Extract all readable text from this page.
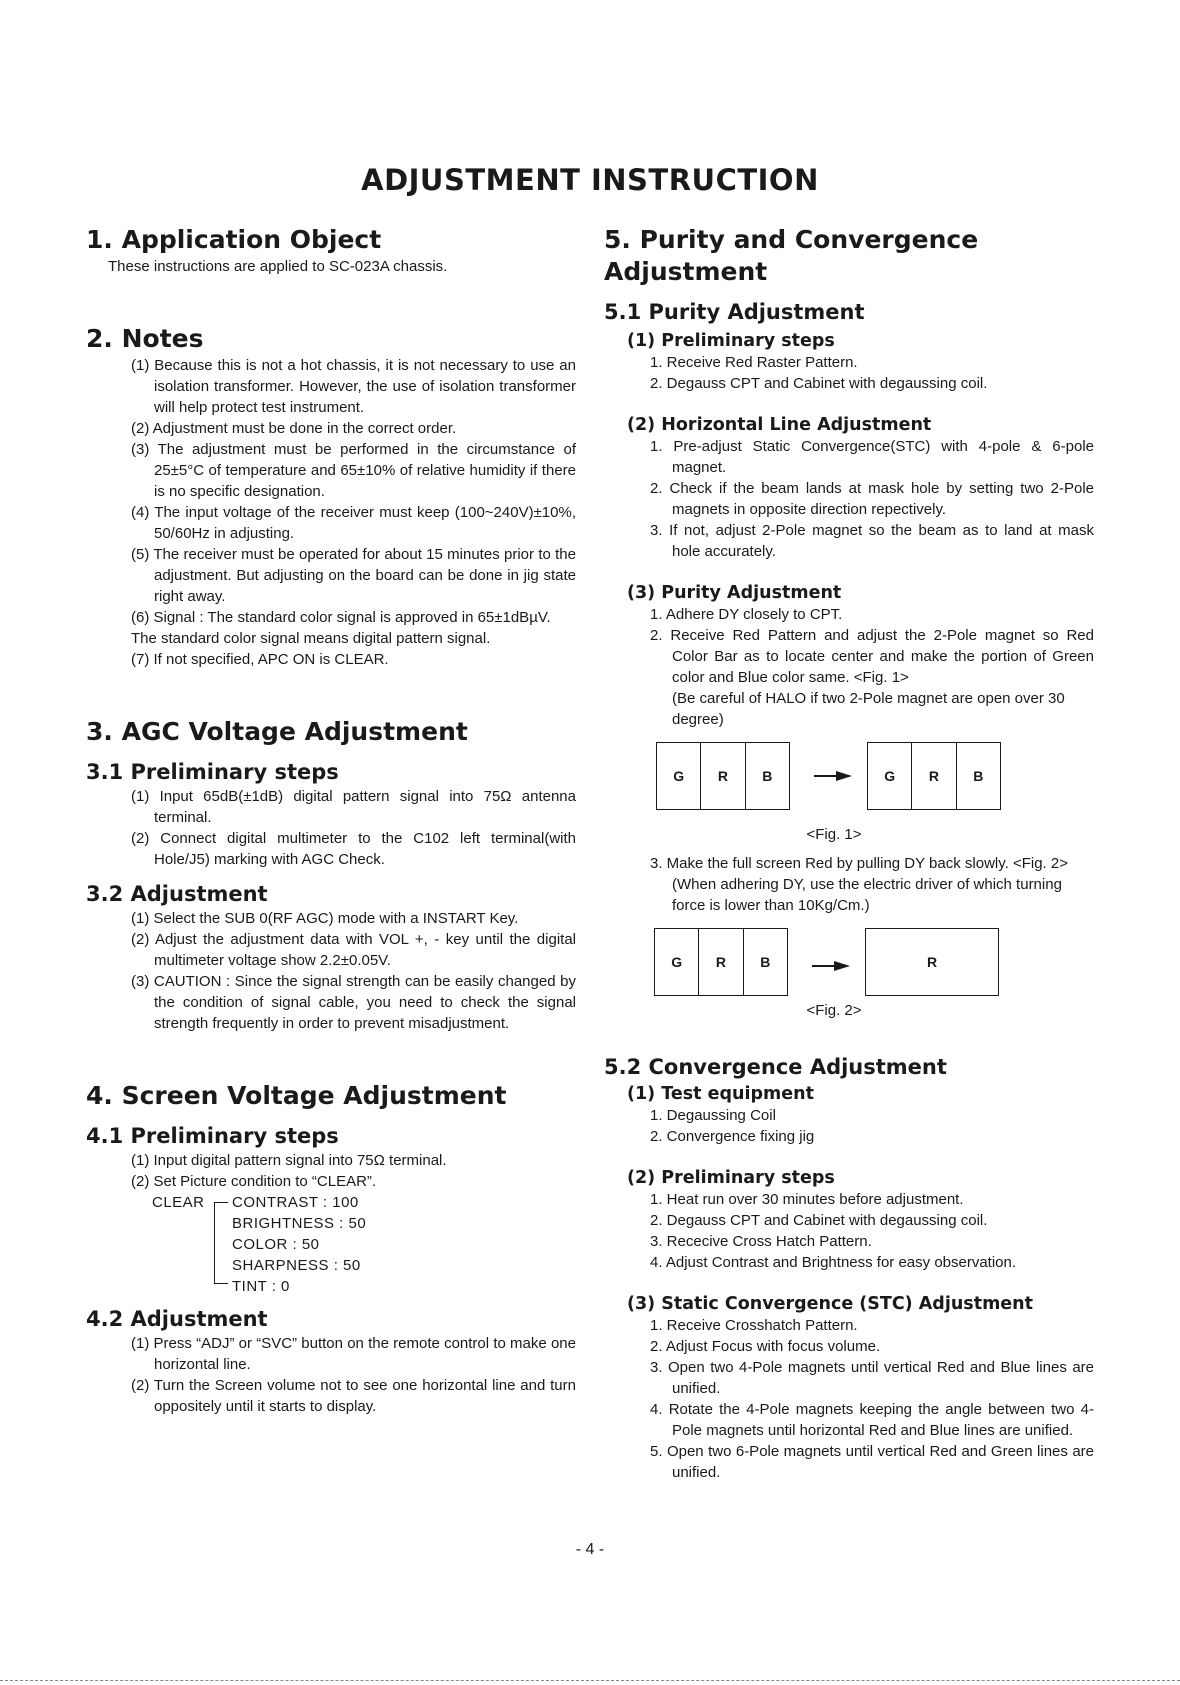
ADJUSTMENT INSTRUCTION
1. Application Object
These instructions are applied to SC-023A chassis.
2. Notes
(1) Because this is not a hot chassis, it is not necessary to use an isolation transformer. However, the use of isolation transformer will help protect test instrument.
(2) Adjustment must be done in the correct order.
(3) The adjustment must be performed in the circumstance of 25±5°C of temperature and 65±10% of relative humidity if there is no specific designation.
(4) The input voltage of the receiver must keep (100~240V)±10%, 50/60Hz in adjusting.
(5) The receiver must be operated for about 15 minutes prior to the adjustment. But adjusting on the board can be done in jig state right away.
(6) Signal : The standard color signal is approved in 65±1dBµV.
The standard color signal means digital pattern signal.
(7) If not specified, APC ON is CLEAR.
3. AGC Voltage Adjustment
3.1 Preliminary steps
(1) Input 65dB(±1dB) digital pattern signal into 75Ω antenna terminal.
(2) Connect digital multimeter to the C102 left terminal(with Hole/J5) marking with AGC Check.
3.2 Adjustment
(1) Select the SUB 0(RF AGC) mode with a INSTART Key.
(2) Adjust the adjustment data with VOL +, - key until the digital multimeter voltage show 2.2±0.05V.
(3) CAUTION : Since the signal strength can be easily changed by the condition of signal cable, you need to check the signal strength frequently in order to prevent misadjustment.
4. Screen Voltage Adjustment
4.1 Preliminary steps
(1) Input digital pattern signal into 75Ω terminal.
(2) Set Picture condition to “CLEAR”.
CLEAR CONTRAST : 100
BRIGHTNESS : 50
COLOR : 50
SHARPNESS : 50
TINT : 0
4.2 Adjustment
(1) Press “ADJ” or “SVC” button on the remote control to make one horizontal line.
(2) Turn the Screen volume not to see one horizontal line and turn oppositely until it starts to display.
5. Purity and Convergence Adjustment
5.1 Purity Adjustment
(1) Preliminary steps
1. Receive Red Raster Pattern.
2. Degauss CPT and Cabinet with degaussing coil.
(2) Horizontal Line Adjustment
1. Pre-adjust Static Convergence(STC) with 4-pole & 6-pole magnet.
2. Check if the beam lands at mask hole by setting two 2-Pole magnets in opposite direction repectively.
3. If not, adjust 2-Pole magnet so the beam as to land at mask hole accurately.
(3) Purity Adjustment
1. Adhere DY closely to CPT.
2. Receive Red Pattern and adjust the 2-Pole magnet so Red Color Bar as to locate center and make the portion of Green color and Blue color same. <Fig. 1>
(Be careful of HALO if two 2-Pole magnet are open over 30 degree)
G	R	B	G	R	B
<Fig. 1>
3. Make the full screen Red by pulling DY back slowly. <Fig. 2>
(When adhering DY, use the electric driver of which turning force is lower than 10Kg/Cm.)
G	R	B	R
<Fig. 2>
5.2 Convergence Adjustment
(1) Test equipment
1. Degaussing Coil
2. Convergence fixing jig
(2) Preliminary steps
1. Heat run over 30 minutes before adjustment.
2. Degauss CPT and Cabinet with degaussing coil.
3. Rececive Cross Hatch Pattern.
4. Adjust Contrast and Brightness for easy observation.
(3) Static Convergence (STC) Adjustment
1. Receive Crosshatch Pattern.
2. Adjust Focus with focus volume.
3. Open two 4-Pole magnets until vertical Red and Blue lines are unified.
4. Rotate the 4-Pole magnets keeping the angle between two 4-Pole magnets until horizontal Red and Blue lines are unified.
5. Open two 6-Pole magnets until vertical Red and Green lines are unified.
- 4 -
